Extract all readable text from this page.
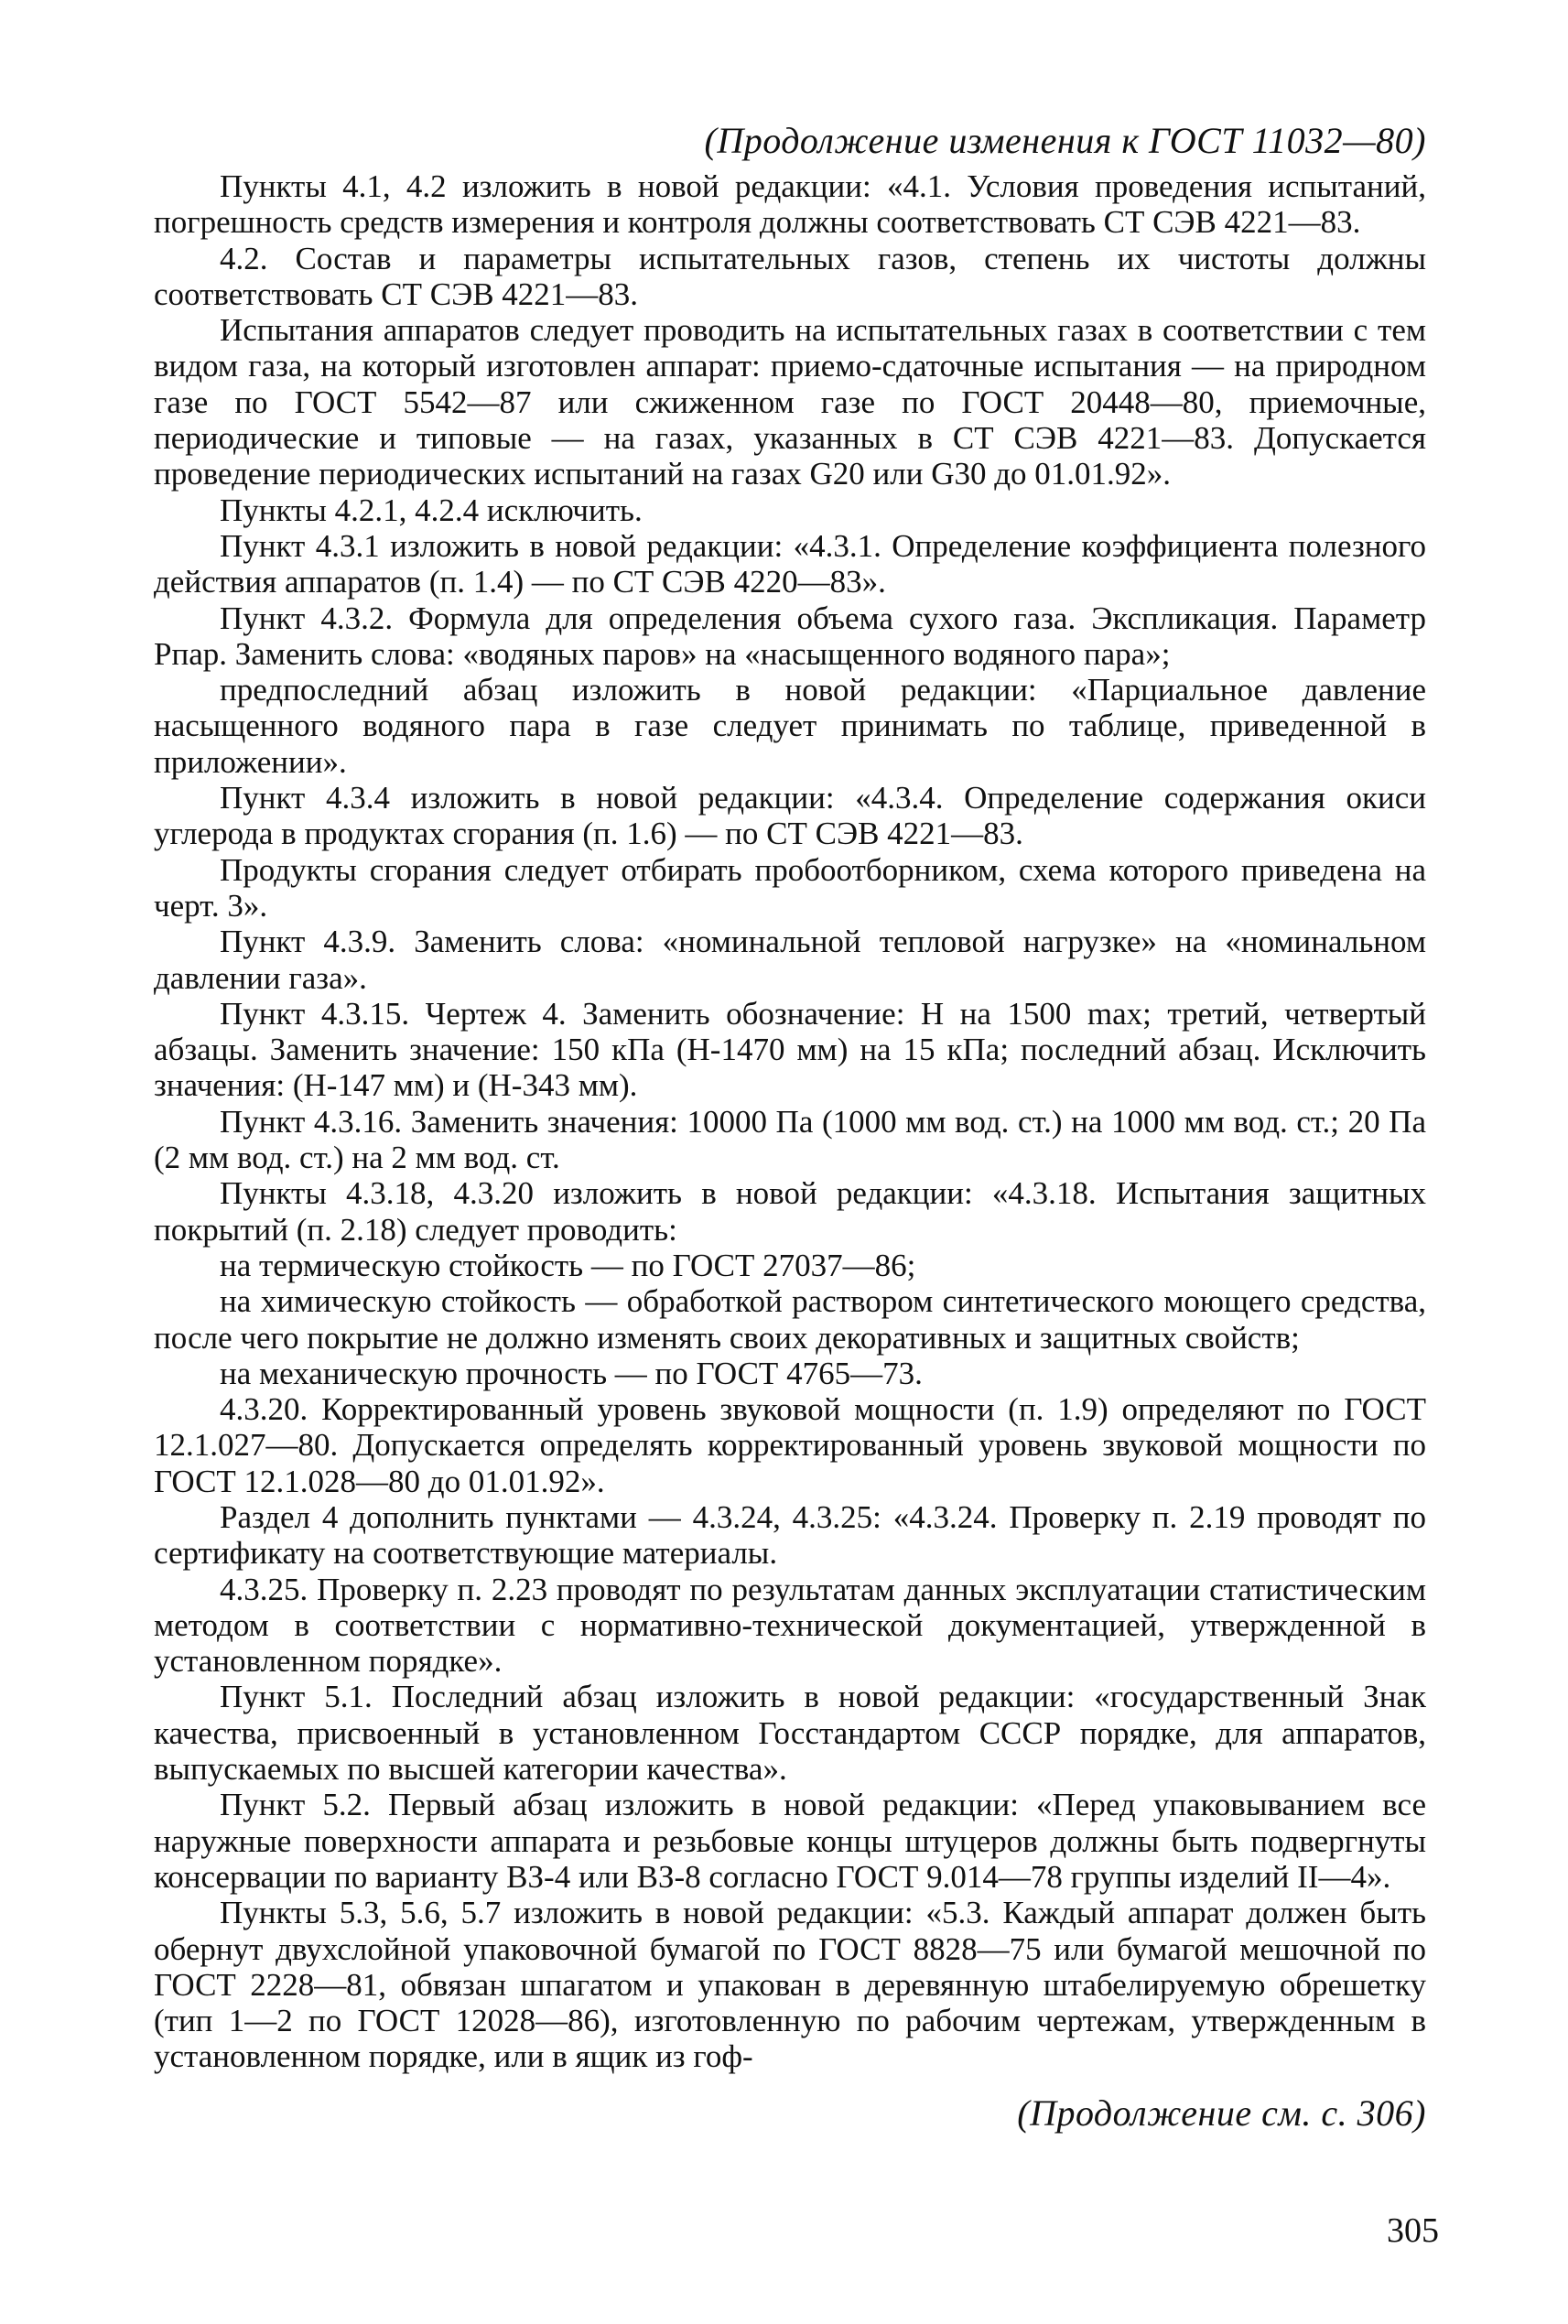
(Продолжение изменения к ГОСТ 11032—80)

Пункты 4.1, 4.2 изложить в новой редакции: «4.1. Условия проведения испытаний, погрешность средств измерения и контроля должны соответствовать СТ СЭВ 4221—83.

4.2. Состав и параметры испытательных газов, степень их чистоты должны соответствовать СТ СЭВ 4221—83.

Испытания аппаратов следует проводить на испытательных газах в соответствии с тем видом газа, на который изготовлен аппарат: приемо-сдаточные испытания — на природном газе по ГОСТ 5542—87 или сжиженном газе по ГОСТ 20448—80, приемочные, периодические и типовые — на газах, указанных в СТ СЭВ 4221—83. Допускается проведение периодических испытаний на газах G20 или G30 до 01.01.92».

Пункты 4.2.1, 4.2.4 исключить.

Пункт 4.3.1 изложить в новой редакции: «4.3.1. Определение коэффициента полезного действия аппаратов (п. 1.4) — по СТ СЭВ 4220—83».

Пункт 4.3.2. Формула для определения объема сухого газа. Экспликация. Параметр Pпар. Заменить слова: «водяных паров» на «насыщенного водяного пара»;

предпоследний абзац изложить в новой редакции: «Парциальное давление насыщенного водяного пара в газе следует принимать по таблице, приведенной в приложении».

Пункт 4.3.4 изложить в новой редакции: «4.3.4. Определение содержания окиси углерода в продуктах сгорания (п. 1.6) — по СТ СЭВ 4221—83.

Продукты сгорания следует отбирать пробоотборником, схема которого приведена на черт. 3».

Пункт 4.3.9. Заменить слова: «номинальной тепловой нагрузке» на «номинальном давлении газа».

Пункт 4.3.15. Чертеж 4. Заменить обозначение: H на 1500 max; третий, четвертый абзацы. Заменить значение: 150 кПа (H-1470 мм) на 15 кПа; последний абзац. Исключить значения: (H-147 мм) и (H-343 мм).

Пункт 4.3.16. Заменить значения: 10000 Па (1000 мм вод. ст.) на 1000 мм вод. ст.; 20 Па (2 мм вод. ст.) на 2 мм вод. ст.

Пункты 4.3.18, 4.3.20 изложить в новой редакции: «4.3.18. Испытания защитных покрытий (п. 2.18) следует проводить:

на термическую стойкость — по ГОСТ 27037—86;

на химическую стойкость — обработкой раствором синтетического моющего средства, после чего покрытие не должно изменять своих декоративных и защитных свойств;

на механическую прочность — по ГОСТ 4765—73.

4.3.20. Корректированный уровень звуковой мощности (п. 1.9) определяют по ГОСТ 12.1.027—80. Допускается определять корректированный уровень звуковой мощности по ГОСТ 12.1.028—80 до 01.01.92».

Раздел 4 дополнить пунктами — 4.3.24, 4.3.25: «4.3.24. Проверку п. 2.19 проводят по сертификату на соответствующие материалы.

4.3.25. Проверку п. 2.23 проводят по результатам данных эксплуатации статистическим методом в соответствии с нормативно-технической документацией, утвержденной в установленном порядке».

Пункт 5.1. Последний абзац изложить в новой редакции: «государственный Знак качества, присвоенный в установленном Госстандартом СССР порядке, для аппаратов, выпускаемых по высшей категории качества».

Пункт 5.2. Первый абзац изложить в новой редакции: «Перед упаковыванием все наружные поверхности аппарата и резьбовые концы штуцеров должны быть подвергнуты консервации по варианту ВЗ-4 или ВЗ-8 согласно ГОСТ 9.014—78 группы изделий II—4».

Пункты 5.3, 5.6, 5.7 изложить в новой редакции: «5.3. Каждый аппарат должен быть обернут двухслойной упаковочной бумагой по ГОСТ 8828—75 или бумагой мешочной по ГОСТ 2228—81, обвязан шпагатом и упакован в деревянную штабелируемую обрешетку (тип 1—2 по ГОСТ 12028—86), изготовленную по рабочим чертежам, утвержденным в установленном порядке, или в ящик из гоф-

(Продолжение см. с. 306)
305
